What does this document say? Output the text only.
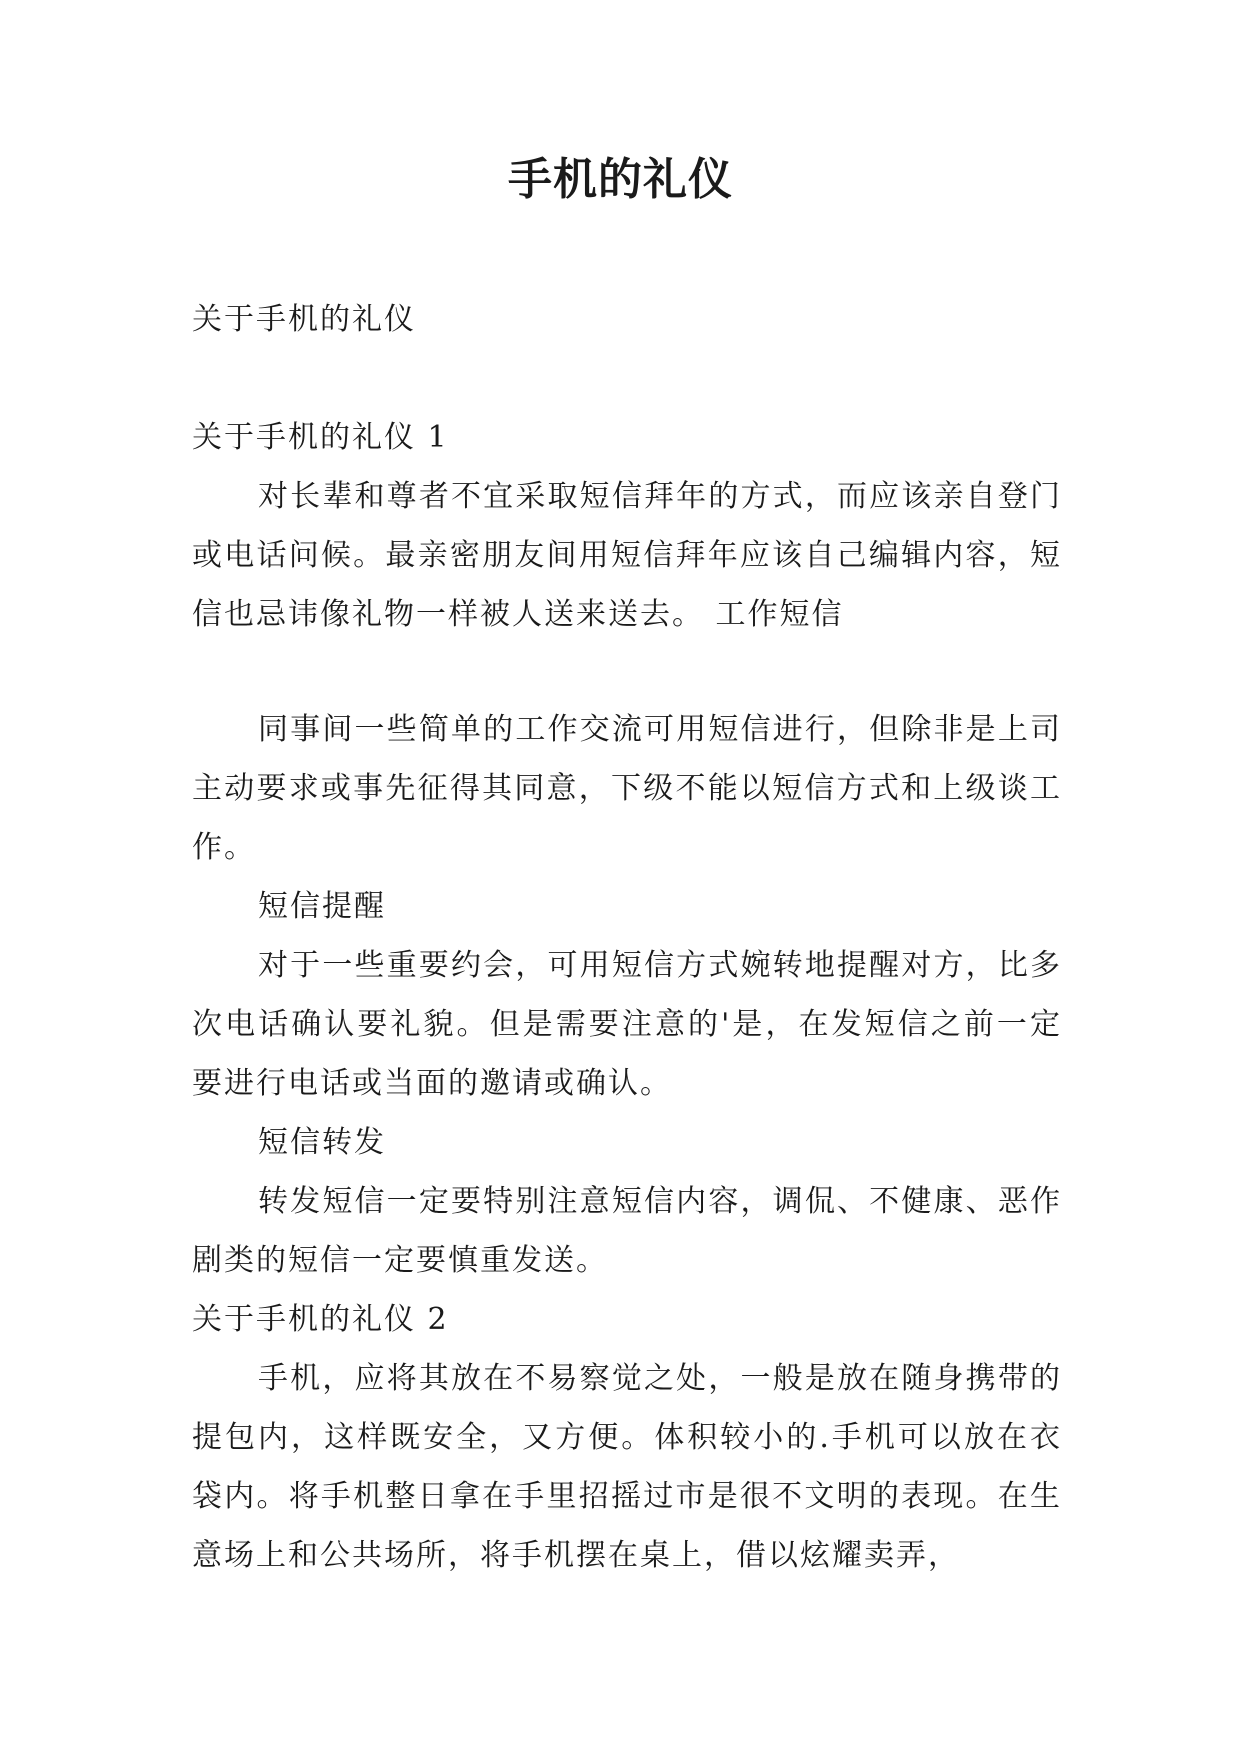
手机的礼仪

关于手机的礼仪

关于手机的礼仪 1

对长辈和尊者不宜采取短信拜年的方式，而应该亲自登门或电话问候。最亲密朋友间用短信拜年应该自己编辑内容，短信也忌讳像礼物一样被人送来送去。 工作短信

同事间一些简单的工作交流可用短信进行，但除非是上司主动要求或事先征得其同意，下级不能以短信方式和上级谈工作。

短信提醒

对于一些重要约会，可用短信方式婉转地提醒对方，比多次电话确认要礼貌。但是需要注意的'是，在发短信之前一定要进行电话或当面的邀请或确认。

短信转发

转发短信一定要特别注意短信内容，调侃、不健康、恶作剧类的短信一定要慎重发送。

关于手机的礼仪 2

手机，应将其放在不易察觉之处，一般是放在随身携带的提包内，这样既安全，又方便。体积较小的.手机可以放在衣袋内。将手机整日拿在手里招摇过市是很不文明的表现。在生意场上和公共场所，将手机摆在桌上，借以炫耀卖弄，
